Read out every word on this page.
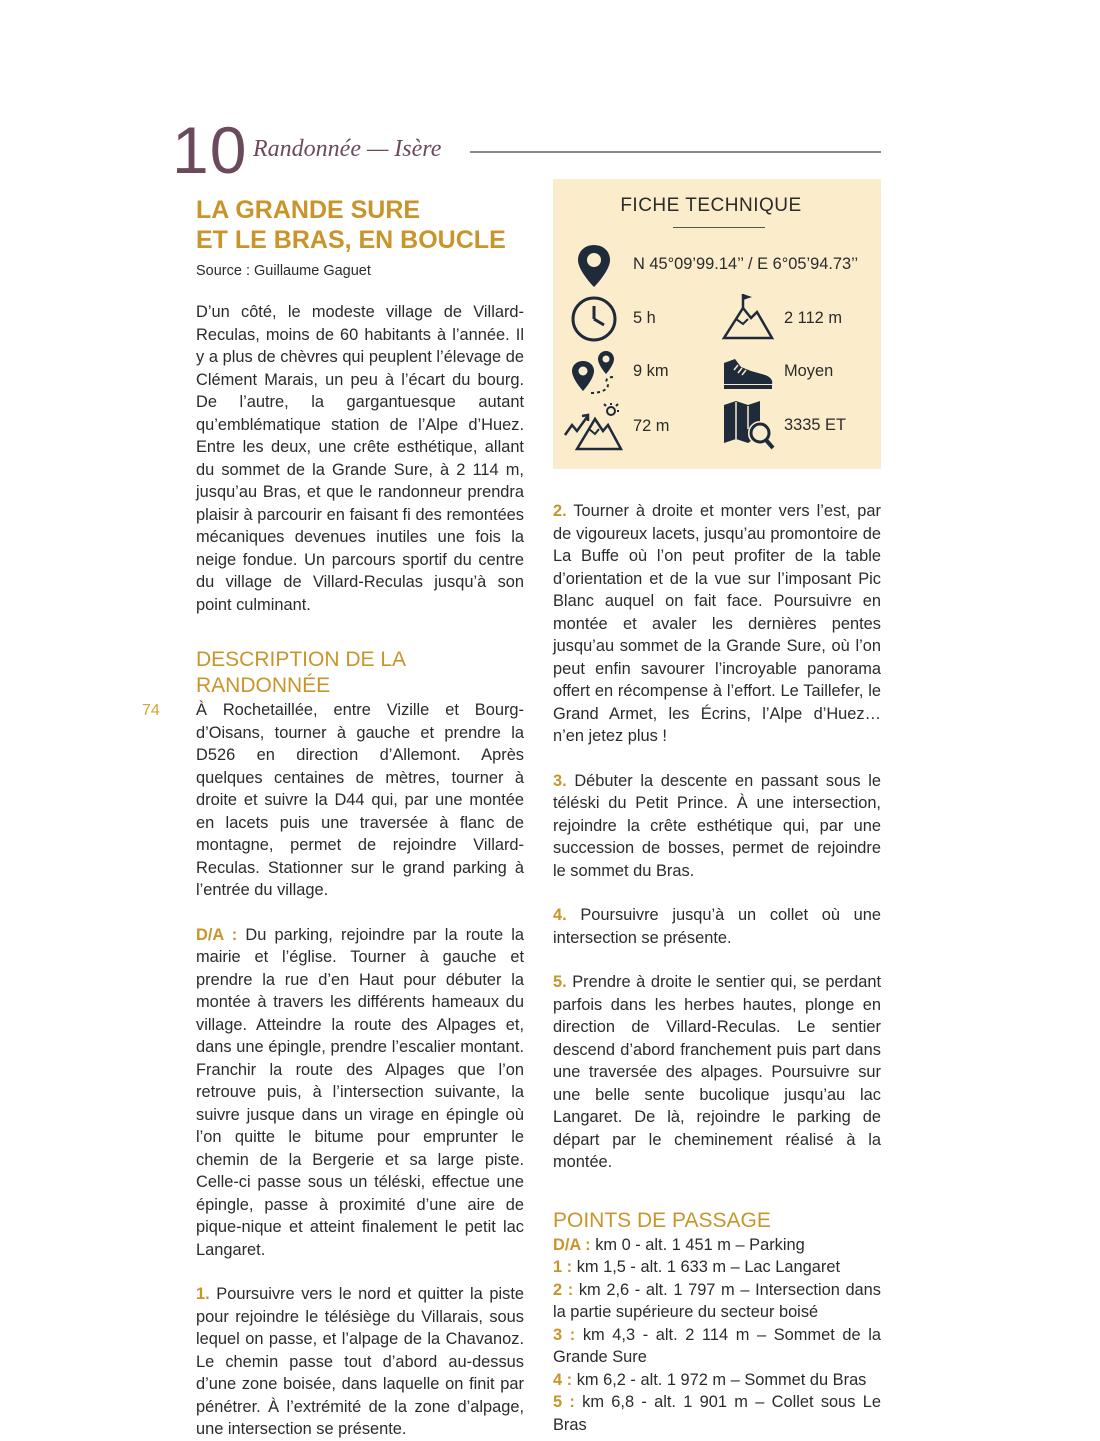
10 Randonnée — Isère
74
LA GRANDE SURE
ET LE BRAS, EN BOUCLE
Source : Guillaume Gaguet

D’un côté, le modeste village de Villard-Reculas, moins de 60 habitants à l’année. Il y a plus de chèvres qui peuplent l’élevage de Clément Marais, un peu à l’écart du bourg. De l’autre, la gargantuesque autant qu’emblématique station de l’Alpe d’Huez. Entre les deux, une crête esthétique, allant du sommet de la Grande Sure, à 2 114 m, jusqu’au Bras, et que le randonneur prendra plaisir à parcourir en faisant fi des remontées mécaniques devenues inutiles une fois la neige fondue. Un parcours sportif du centre du village de Villard-Reculas jusqu’à son point culminant.

DESCRIPTION DE LA RANDONNÉE

À Rochetaillée, entre Vizille et Bourg-d’Oisans, tourner à gauche et prendre la D526 en direction d’Allemont. Après quelques centaines de mètres, tourner à droite et suivre la D44 qui, par une montée en lacets puis une traversée à flanc de montagne, permet de rejoindre Villard-Reculas. Stationner sur le grand parking à l’entrée du village.

D/A : Du parking, rejoindre par la route la mairie et l’église. Tourner à gauche et prendre la rue d’en Haut pour débuter la montée à travers les différents hameaux du village. Atteindre la route des Alpages et, dans une épingle, prendre l’escalier montant. Franchir la route des Alpages que l’on retrouve puis, à l’intersection suivante, la suivre jusque dans un virage en épingle où l’on quitte le bitume pour emprunter le chemin de la Bergerie et sa large piste. Celle-ci passe sous un téléski, effectue une épingle, passe à proximité d’une aire de pique-nique et atteint finalement le petit lac Langaret.

1. Poursuivre vers le nord et quitter la piste pour rejoindre le télésiège du Villarais, sous lequel on passe, et l’alpage de la Chavanoz. Le chemin passe tout d’abord au-dessus d’une zone boisée, dans laquelle on finit par pénétrer. À l’extrémité de la zone d’alpage, une intersection se présente.

FICHE TECHNIQUE
N 45°09’99.14’’ / E 6°05’94.73’’
5 h	2 112 m
9 km	Moyen
72 m	3335 ET

2. Tourner à droite et monter vers l’est, par de vigoureux lacets, jusqu’au promontoire de La Buffe où l’on peut profiter de la table d’orientation et de la vue sur l’imposant Pic Blanc auquel on fait face. Poursuivre en montée et avaler les dernières pentes jusqu’au sommet de la Grande Sure, où l’on peut enfin savourer l’incroyable panorama offert en récompense à l’effort. Le Taillefer, le Grand Armet, les Écrins, l’Alpe d’Huez… n’en jetez plus !

3. Débuter la descente en passant sous le téléski du Petit Prince. À une intersection, rejoindre la crête esthétique qui, par une succession de bosses, permet de rejoindre le sommet du Bras.

4. Poursuivre jusqu’à un collet où une intersection se présente.

5. Prendre à droite le sentier qui, se perdant parfois dans les herbes hautes, plonge en direction de Villard-Reculas. Le sentier descend d’abord franchement puis part dans une traversée des alpages. Poursuivre sur une belle sente bucolique jusqu’au lac Langaret. De là, rejoindre le parking de départ par le cheminement réalisé à la montée.

POINTS DE PASSAGE

D/A : km 0 - alt. 1 451 m – Parking

1 : km 1,5 - alt. 1 633 m – Lac Langaret

2 : km 2,6 - alt. 1 797 m – Intersection dans la partie supérieure du secteur boisé

3 : km 4,3 - alt. 2 114 m – Sommet de la Grande Sure

4 : km 6,2 - alt. 1 972 m – Sommet du Bras

5 : km 6,8 - alt. 1 901 m – Collet sous Le Bras
